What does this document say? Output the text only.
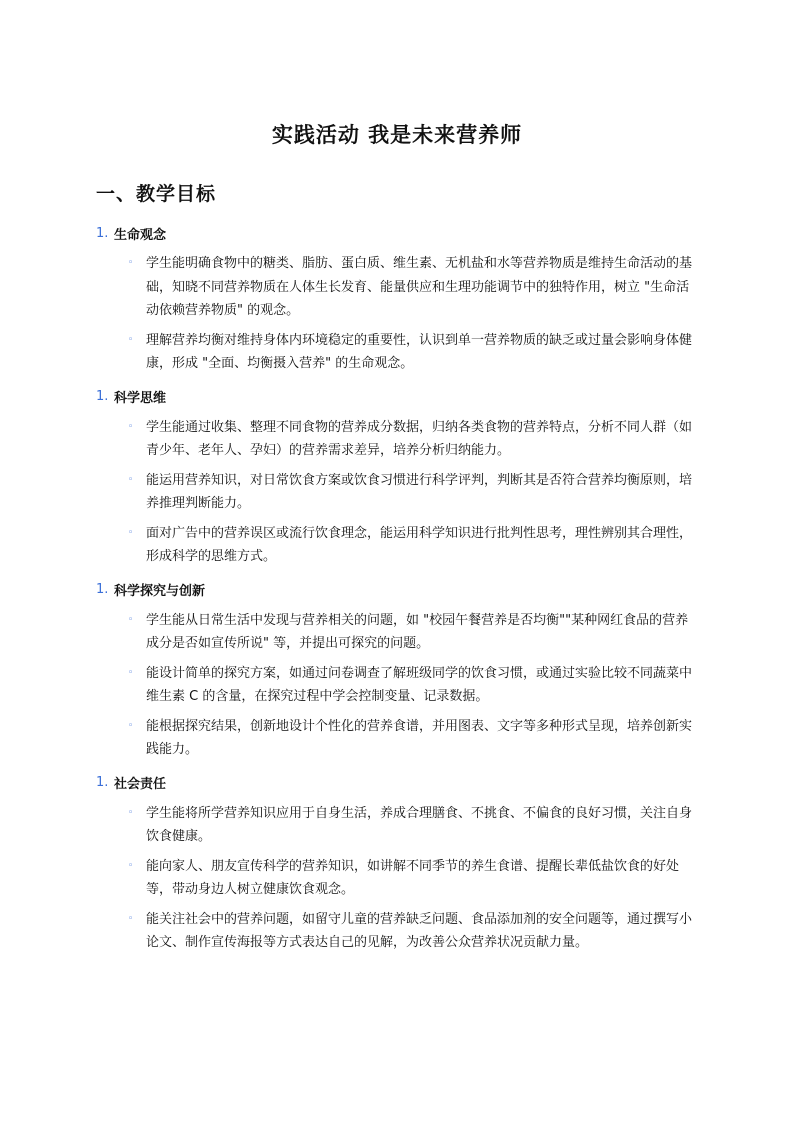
实践活动 我是未来营养师
一、教学目标
1. 生命观念
◦ 学生能明确食物中的糖类、脂肪、蛋白质、维生素、无机盐和水等营养物质是维持生命活动的基础，知晓不同营养物质在人体生长发育、能量供应和生理功能调节中的独特作用，树立 "生命活动依赖营养物质" 的观念。
◦ 理解营养均衡对维持身体内环境稳定的重要性，认识到单一营养物质的缺乏或过量会影响身体健康，形成 "全面、均衡摄入营养" 的生命观念。
1. 科学思维
◦ 学生能通过收集、整理不同食物的营养成分数据，归纳各类食物的营养特点，分析不同人群（如青少年、老年人、孕妇）的营养需求差异，培养分析归纳能力。
◦ 能运用营养知识，对日常饮食方案或饮食习惯进行科学评判，判断其是否符合营养均衡原则，培养推理判断能力。
◦ 面对广告中的营养误区或流行饮食理念，能运用科学知识进行批判性思考，理性辨别其合理性，形成科学的思维方式。
1. 科学探究与创新
◦ 学生能从日常生活中发现与营养相关的问题，如 "校园午餐营养是否均衡""某种网红食品的营养成分是否如宣传所说" 等，并提出可探究的问题。
◦ 能设计简单的探究方案，如通过问卷调查了解班级同学的饮食习惯，或通过实验比较不同蔬菜中维生素 C 的含量，在探究过程中学会控制变量、记录数据。
◦ 能根据探究结果，创新地设计个性化的营养食谱，并用图表、文字等多种形式呈现，培养创新实践能力。
1. 社会责任
◦ 学生能将所学营养知识应用于自身生活，养成合理膳食、不挑食、不偏食的良好习惯，关注自身饮食健康。
◦ 能向家人、朋友宣传科学的营养知识，如讲解不同季节的养生食谱、提醒长辈低盐饮食的好处等，带动身边人树立健康饮食观念。
◦ 能关注社会中的营养问题，如留守儿童的营养缺乏问题、食品添加剂的安全问题等，通过撰写小论文、制作宣传海报等方式表达自己的见解，为改善公众营养状况贡献力量。
